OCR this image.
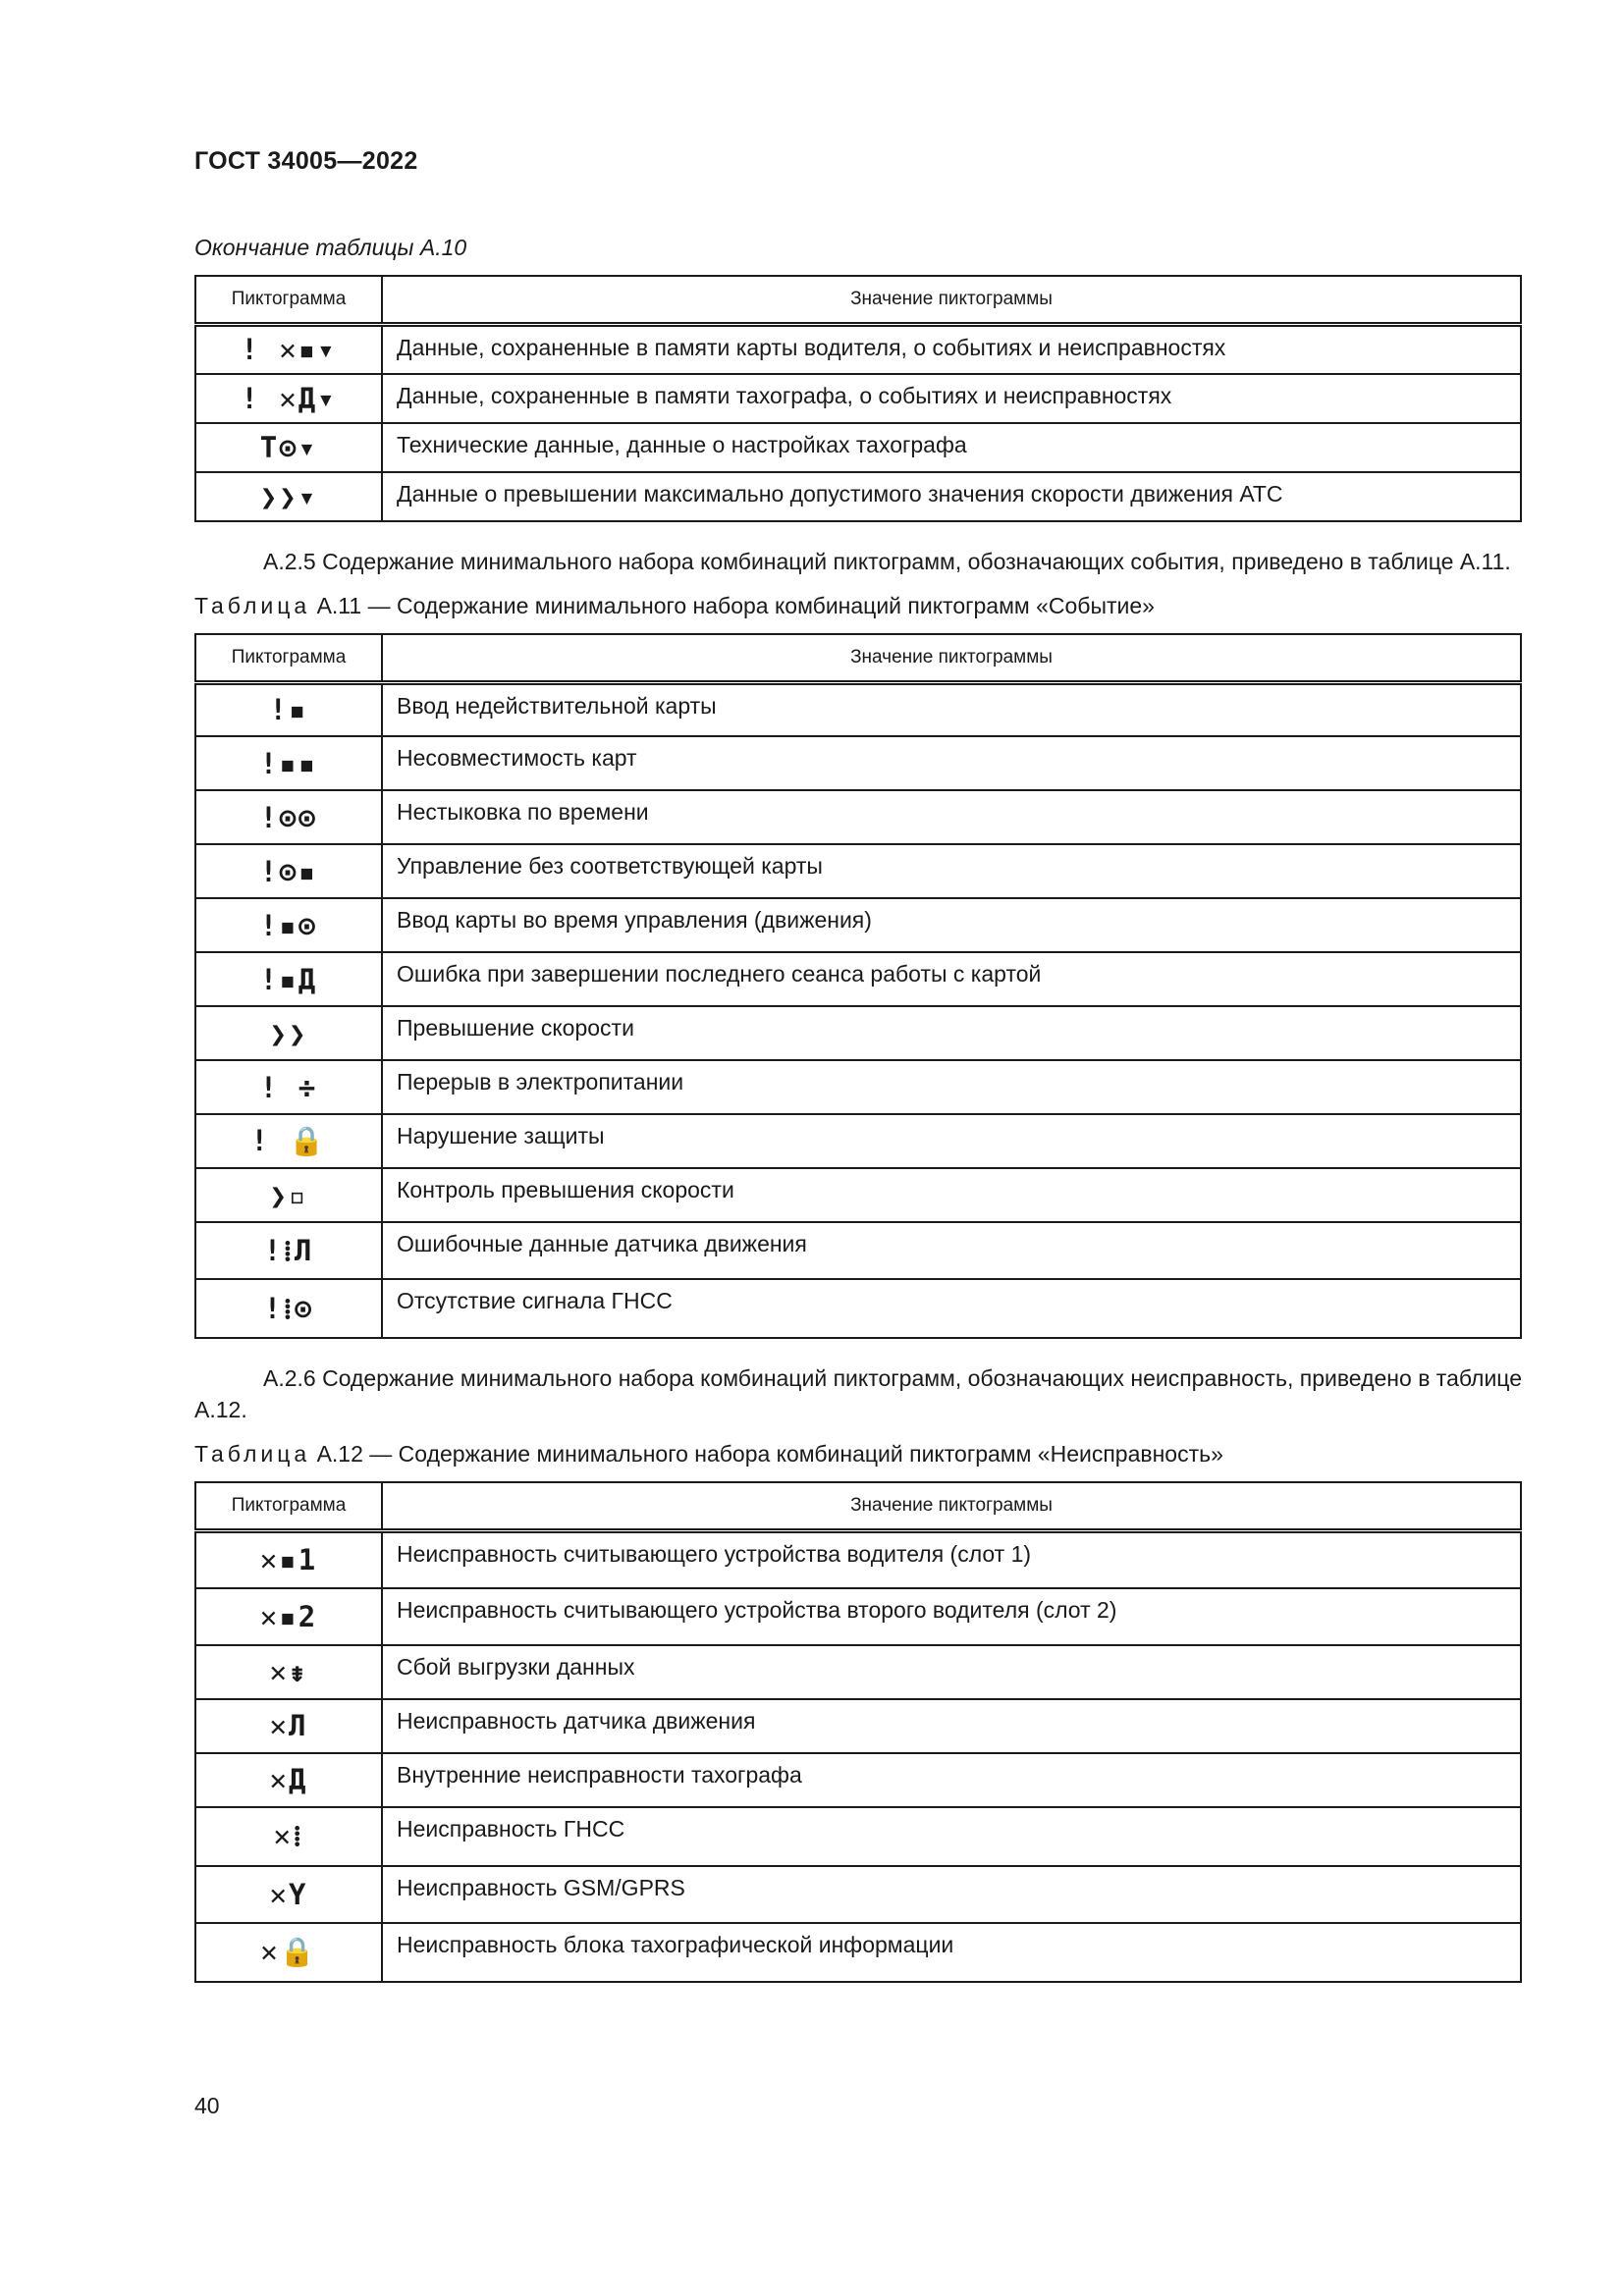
ГОСТ 34005—2022
Окончание таблицы А.10
Пиктограмма	Значение пиктограммы
! ✕▪▾	Данные, сохраненные в памяти карты водителя, о событиях и неисправностях
! ✕Д▾	Данные, сохраненные в памяти тахографа, о событиях и неисправностях
T⊙▾	Технические данные, данные о настройках тахографа
❯❯▾	Данные о превышении максимально допустимого значения скорости движения АТС

А.2.5 Содержание минимального набора комбинаций пиктограмм, обозначающих события, приведено в таблице А.11.

Таблица А.11 — Содержание минимального набора комбинаций пиктограмм «Событие»
Пиктограмма	Значение пиктограммы
!▪	Ввод недействительной карты
!▪▪	Несовместимость карт
!⊙⊙	Нестыковка по времени
!⊙▪	Управление без соответствующей карты
!▪⊙	Ввод карты во время управления (движения)
!▪Д	Ошибка при завершении последнего сеанса работы с картой
❯❯	Превышение скорости
! ÷	Перерыв в электропитании
! 🔒	Нарушение защиты
❯▫	Контроль превышения скорости
!⁞Л	Ошибочные данные датчика движения
!⁞⊙	Отсутствие сигнала ГНСС

А.2.6 Содержание минимального набора комбинаций пиктограмм, обозначающих неисправность, приведено в таблице А.12.

Таблица А.12 — Содержание минимального набора комбинаций пиктограмм «Неисправность»
Пиктограмма	Значение пиктограммы
✕▪1	Неисправность считывающего устройства водителя (слот 1)
✕▪2	Неисправность считывающего устройства второго водителя (слот 2)
✕⇟	Сбой выгрузки данных
✕Л	Неисправность датчика движения
✕Д	Внутренние неисправности тахографа
✕⁞	Неисправность ГНСС
✕Y	Неисправность GSM/GPRS
✕🔒	Неисправность блока тахографической информации
40
